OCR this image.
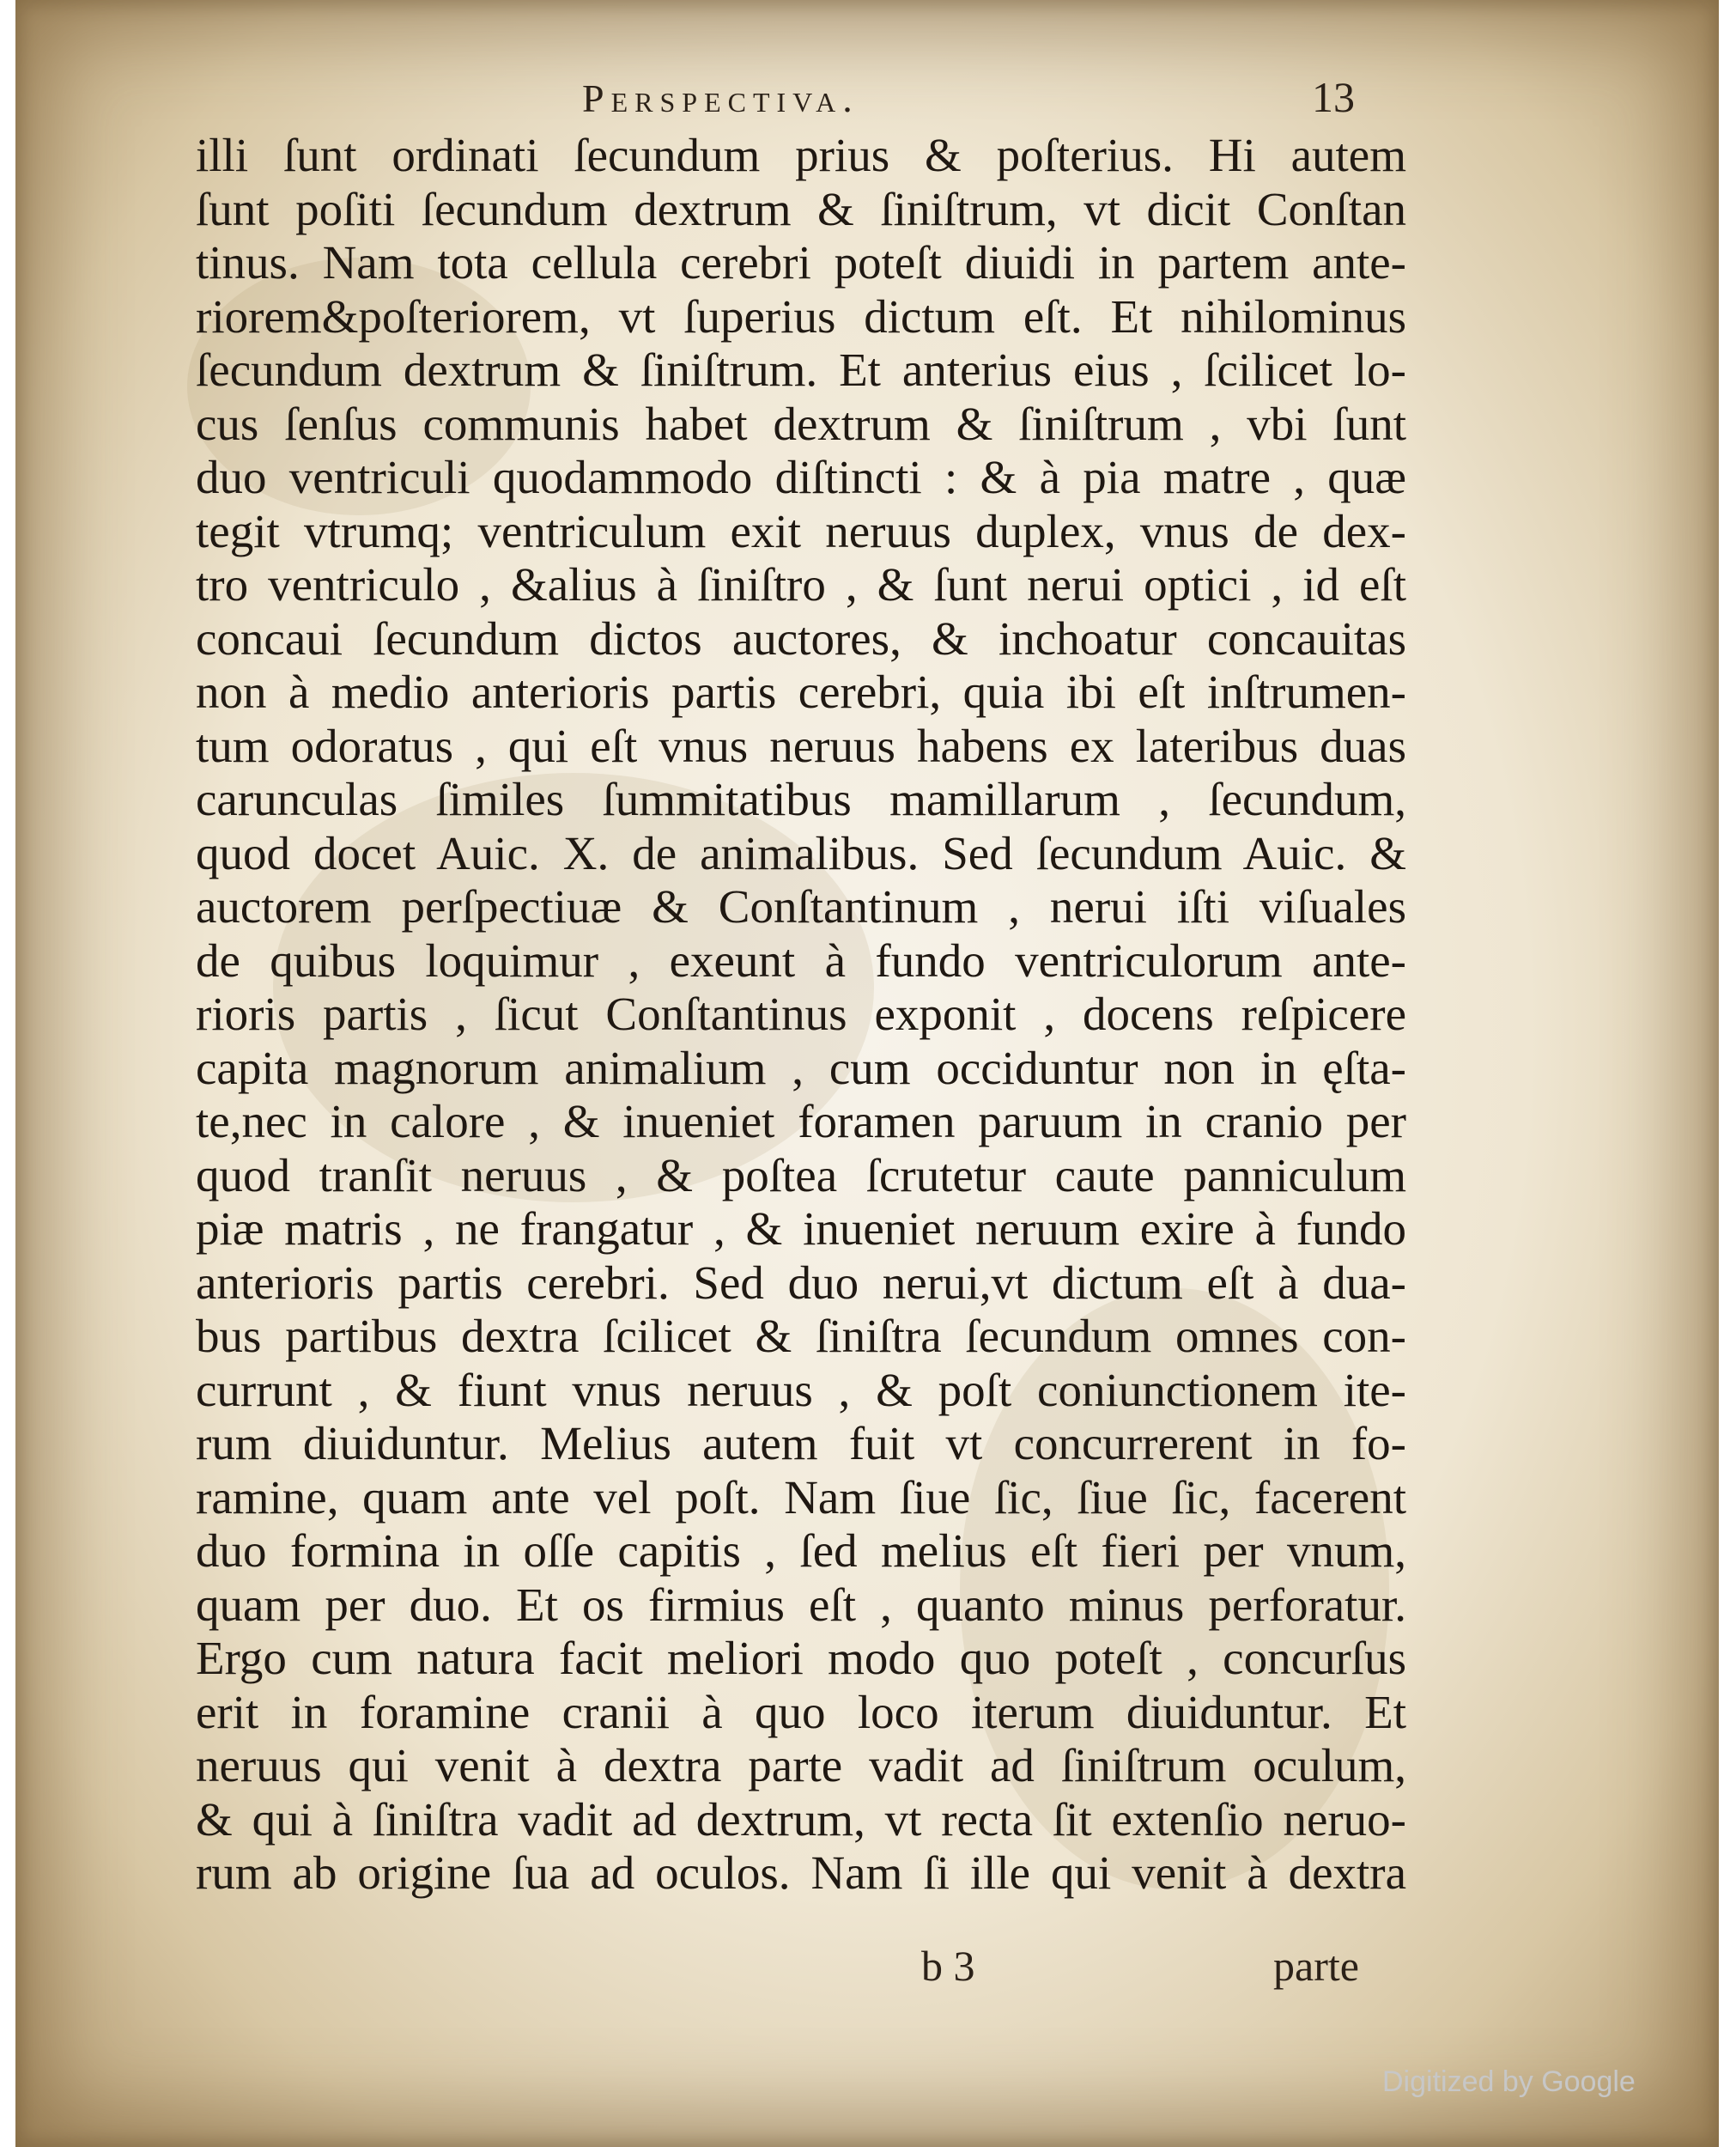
Perspectiva.	13
illi ſunt ordinati ſecundum prius & poſterius. Hi autem
ſunt poſiti ſecundum dextrum & ſiniſtrum, vt dicit Conſtan
tinus. Nam tota cellula cerebri poteſt diuidi in partem ante-
riorem&poſteriorem, vt ſuperius dictum eſt. Et nihilominus
ſecundum dextrum & ſiniſtrum. Et anterius eius , ſcilicet lo-
cus ſenſus communis habet dextrum & ſiniſtrum , vbi ſunt
duo ventriculi quodammodo diſtincti : & à pia matre , quæ
tegit vtrumq; ventriculum exit neruus duplex, vnus de dex-
tro ventriculo , &alius à ſiniſtro , & ſunt nerui optici , id eſt
concaui ſecundum dictos auctores, & inchoatur concauitas
non à medio anterioris partis cerebri, quia ibi eſt inſtrumen-
tum odoratus , qui eſt vnus neruus habens ex lateribus duas
carunculas ſimiles ſummitatibus mamillarum , ſecundum,
quod docet Auic. X. de animalibus. Sed ſecundum Auic. &
auctorem perſpectiuæ & Conſtantinum , nerui iſti viſuales
de quibus loquimur , exeunt à fundo ventriculorum ante-
rioris partis , ſicut Conſtantinus exponit , docens reſpicere
capita magnorum animalium , cum occiduntur non in ęſta-
te,nec in calore , & inueniet foramen paruum in cranio per
quod tranſit neruus , & poſtea ſcrutetur caute panniculum
piæ matris , ne frangatur , & inueniet neruum exire à fundo
anterioris partis cerebri. Sed duo nerui,vt dictum eſt à dua-
bus partibus dextra ſcilicet & ſiniſtra ſecundum omnes con-
currunt , & fiunt vnus neruus , & poſt coniunctionem ite-
rum diuiduntur. Melius autem fuit vt concurrerent in fo-
ramine, quam ante vel poſt. Nam ſiue ſic, ſiue ſic, facerent
duo formina in oſſe capitis , ſed melius eſt fieri per vnum,
quam per duo. Et os firmius eſt , quanto minus perforatur.
Ergo cum natura facit meliori modo quo poteſt , concurſus
erit in foramine cranii à quo loco iterum diuiduntur. Et
neruus qui venit à dextra parte vadit ad ſiniſtrum oculum,
& qui à ſiniſtra vadit ad dextrum, vt recta ſit extenſio neruo-
rum ab origine ſua ad oculos. Nam ſi ille qui venit à dextra
b 3	parte
Digitized by Google
